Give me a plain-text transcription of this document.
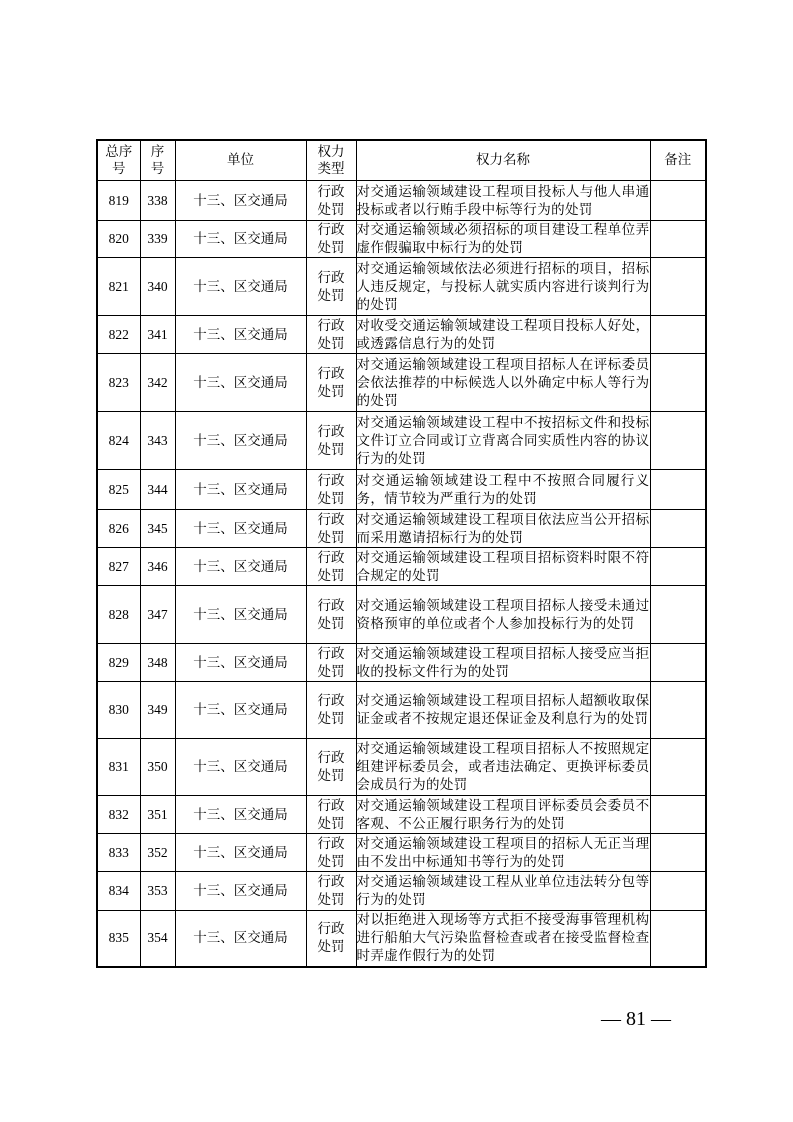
总序号	序号	单位	权力类型	权力名称	备注
819	338	十三、区交通局	行政处罚	对交通运输领域建设工程项目投标人与他人串通投标或者以行贿手段中标等行为的处罚	
820	339	十三、区交通局	行政处罚	对交通运输领域必须招标的项目建设工程单位弄虚作假骗取中标行为的处罚	
821	340	十三、区交通局	行政处罚	对交通运输领域依法必须进行招标的项目，招标人违反规定，与投标人就实质内容进行谈判行为的处罚	
822	341	十三、区交通局	行政处罚	对收受交通运输领域建设工程项目投标人好处，或透露信息行为的处罚	
823	342	十三、区交通局	行政处罚	对交通运输领域建设工程项目招标人在评标委员会依法推荐的中标候选人以外确定中标人等行为的处罚	
824	343	十三、区交通局	行政处罚	对交通运输领域建设工程中不按招标文件和投标文件订立合同或订立背离合同实质性内容的协议行为的处罚	
825	344	十三、区交通局	行政处罚	对交通运输领域建设工程中不按照合同履行义务，情节较为严重行为的处罚	
826	345	十三、区交通局	行政处罚	对交通运输领域建设工程项目依法应当公开招标而采用邀请招标行为的处罚	
827	346	十三、区交通局	行政处罚	对交通运输领域建设工程项目招标资料时限不符合规定的处罚	
828	347	十三、区交通局	行政处罚	对交通运输领域建设工程项目招标人接受未通过资格预审的单位或者个人参加投标行为的处罚	
829	348	十三、区交通局	行政处罚	对交通运输领域建设工程项目招标人接受应当拒收的投标文件行为的处罚	
830	349	十三、区交通局	行政处罚	对交通运输领域建设工程项目招标人超额收取保证金或者不按规定退还保证金及利息行为的处罚	
831	350	十三、区交通局	行政处罚	对交通运输领域建设工程项目招标人不按照规定组建评标委员会，或者违法确定、更换评标委员会成员行为的处罚	
832	351	十三、区交通局	行政处罚	对交通运输领域建设工程项目评标委员会委员不客观、不公正履行职务行为的处罚	
833	352	十三、区交通局	行政处罚	对交通运输领域建设工程项目的招标人无正当理由不发出中标通知书等行为的处罚	
834	353	十三、区交通局	行政处罚	对交通运输领域建设工程从业单位违法转分包等行为的处罚	
835	354	十三、区交通局	行政处罚	对以拒绝进入现场等方式拒不接受海事管理机构进行船舶大气污染监督检查或者在接受监督检查时弄虚作假行为的处罚	
— 81 —
